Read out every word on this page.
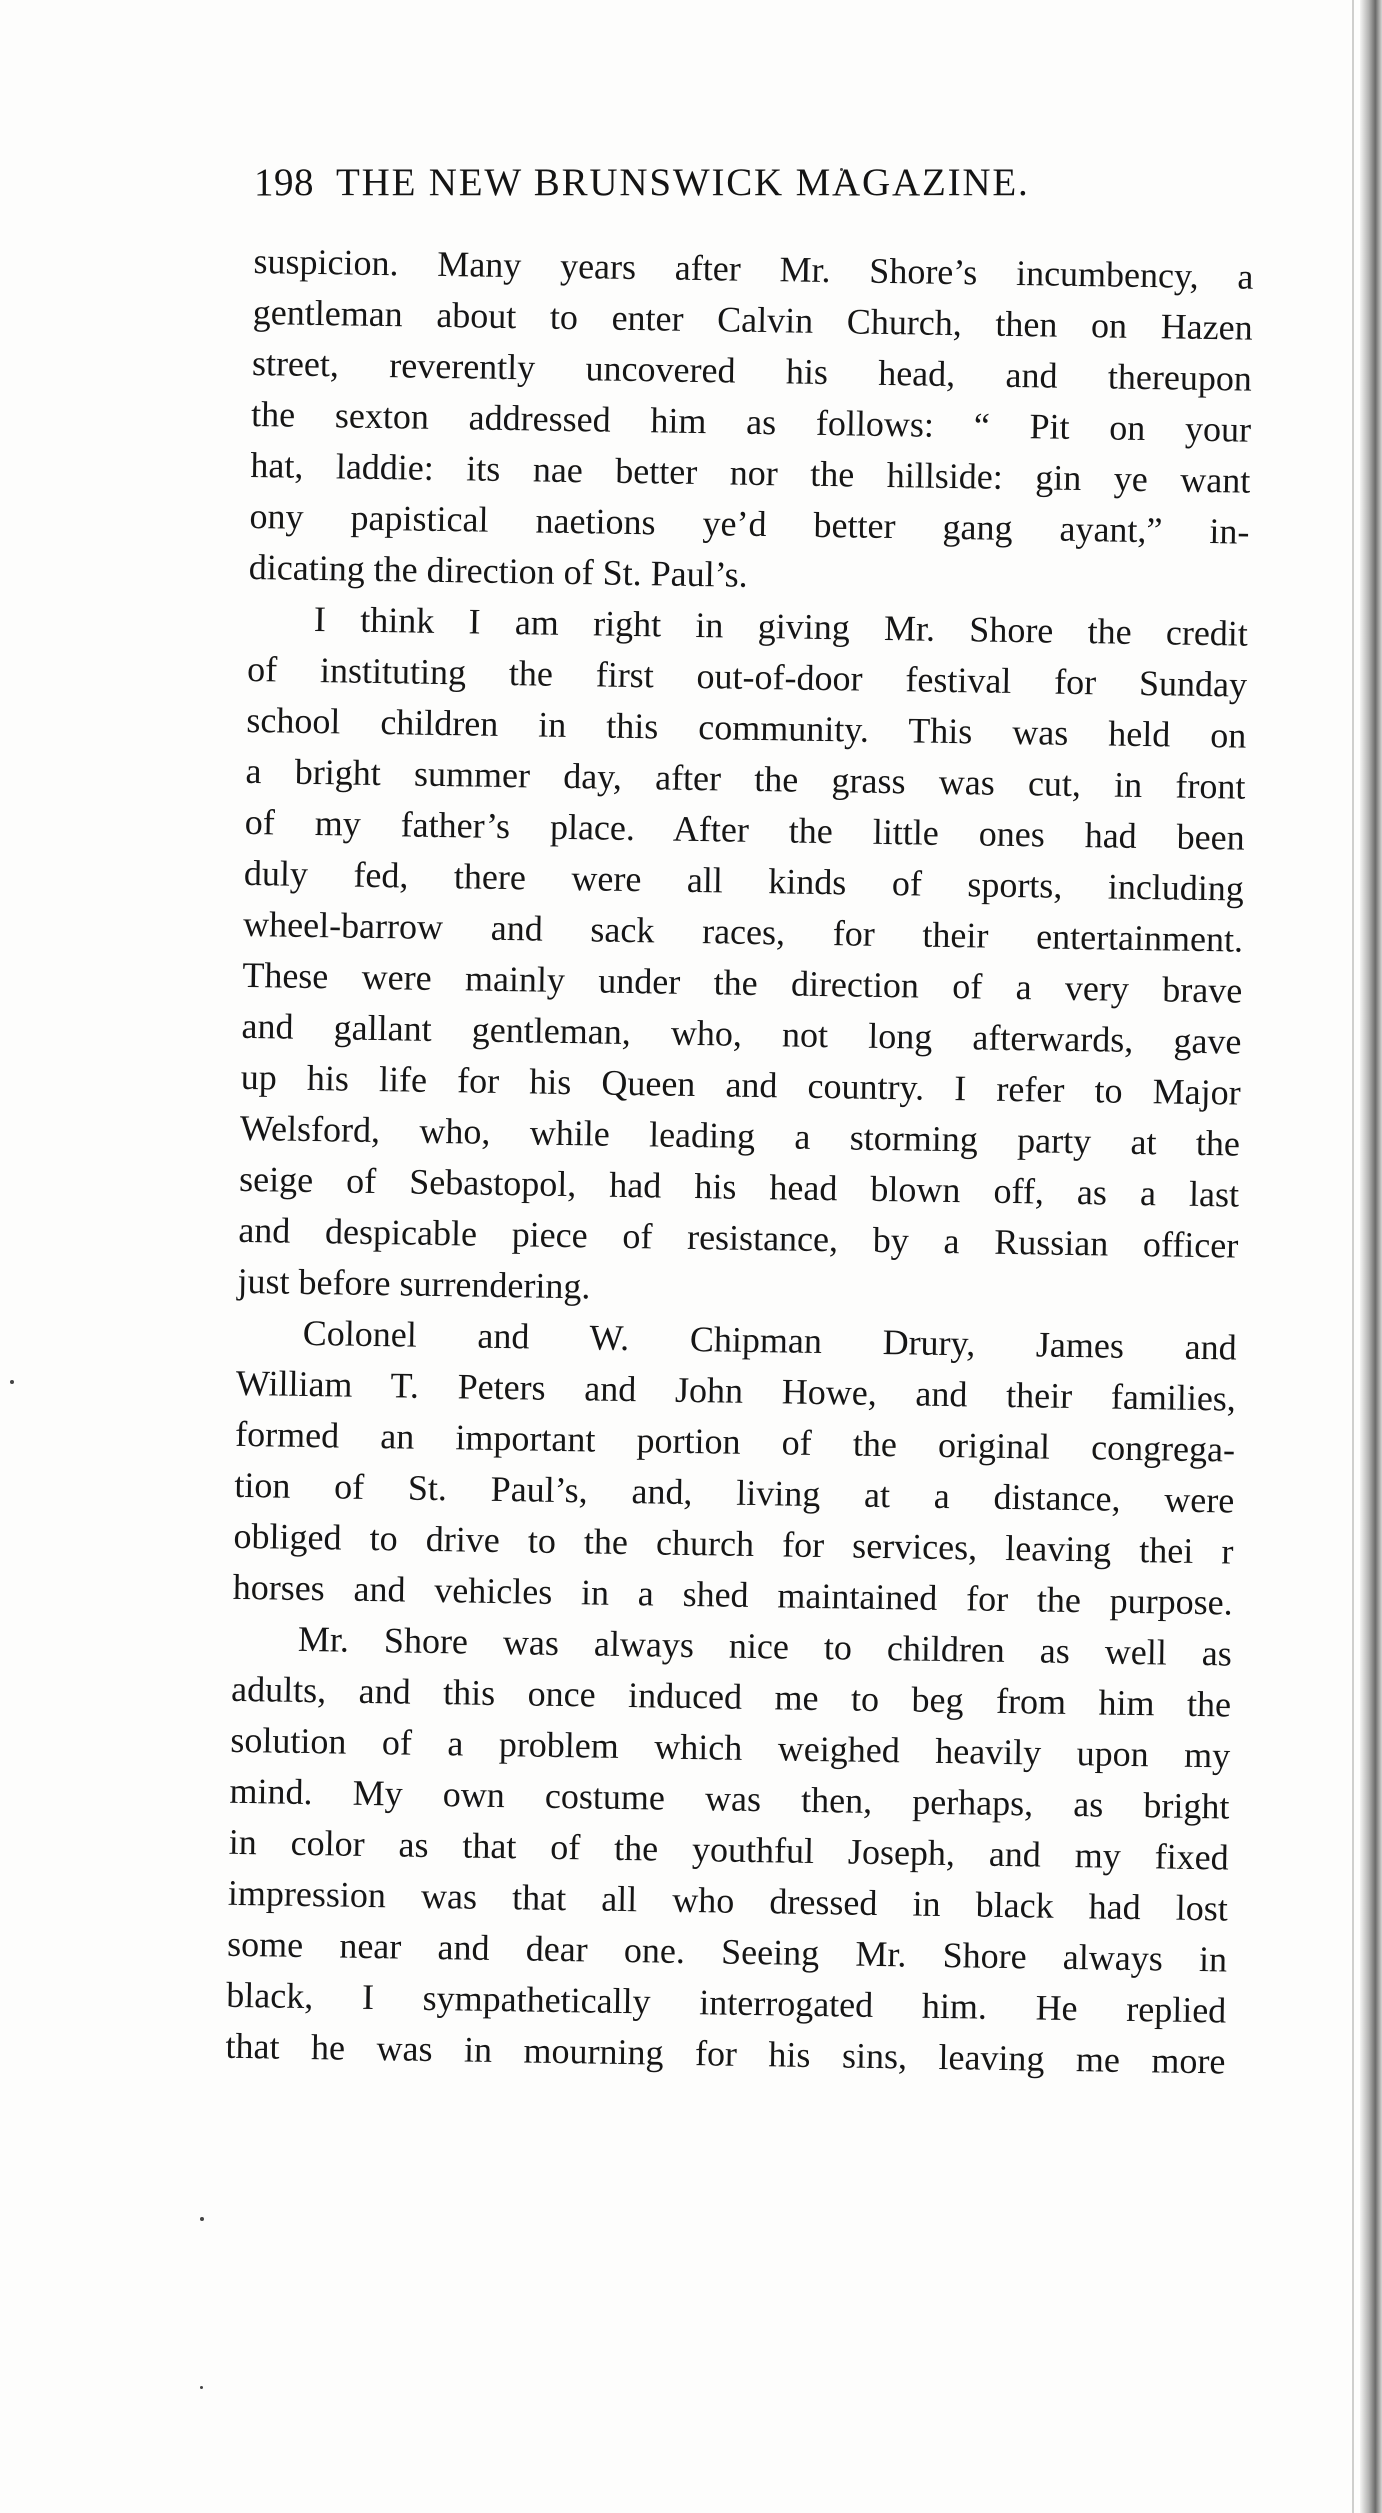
198 THE NEW BRUNSWICK MAGAZINE.

suspicion. Many years after Mr. Shore’s incumbency, a
gentleman about to enter Calvin Church, then on Hazen
street, reverently uncovered his head, and thereupon
the sexton addressed him as follows: “ Pit on your
hat, laddie: its nae better nor the hillside: gin ye want
ony papistical naetions ye’d better gang ayant,” in-
dicating the direction of St. Paul’s.

I think I am right in giving Mr. Shore the credit
of instituting the first out-of-door festival for Sunday
school children in this community. This was held on
a bright summer day, after the grass was cut, in front
of my father’s place. After the little ones had been
duly fed, there were all kinds of sports, including
wheel-barrow and sack races, for their entertainment.
These were mainly under the direction of a very brave
and gallant gentleman, who, not long afterwards, gave
up his life for his Queen and country. I refer to Major
Welsford, who, while leading a storming party at the
seige of Sebastopol, had his head blown off, as a last
and despicable piece of resistance, by a Russian officer
just before surrendering.

Colonel and W. Chipman Drury, James and
William T. Peters and John Howe, and their families,
formed an important portion of the original congrega-
tion of St. Paul’s, and, living at a distance, were
obliged to drive to the church for services, leaving thei r
horses and vehicles in a shed maintained for the purpose.

Mr. Shore was always nice to children as well as
adults, and this once induced me to beg from him the
solution of a problem which weighed heavily upon my
mind. My own costume was then, perhaps, as bright
in color as that of the youthful Joseph, and my fixed
impression was that all who dressed in black had lost
some near and dear one. Seeing Mr. Shore always in
black, I sympathetically interrogated him. He replied
that he was in mourning for his sins, leaving me more
